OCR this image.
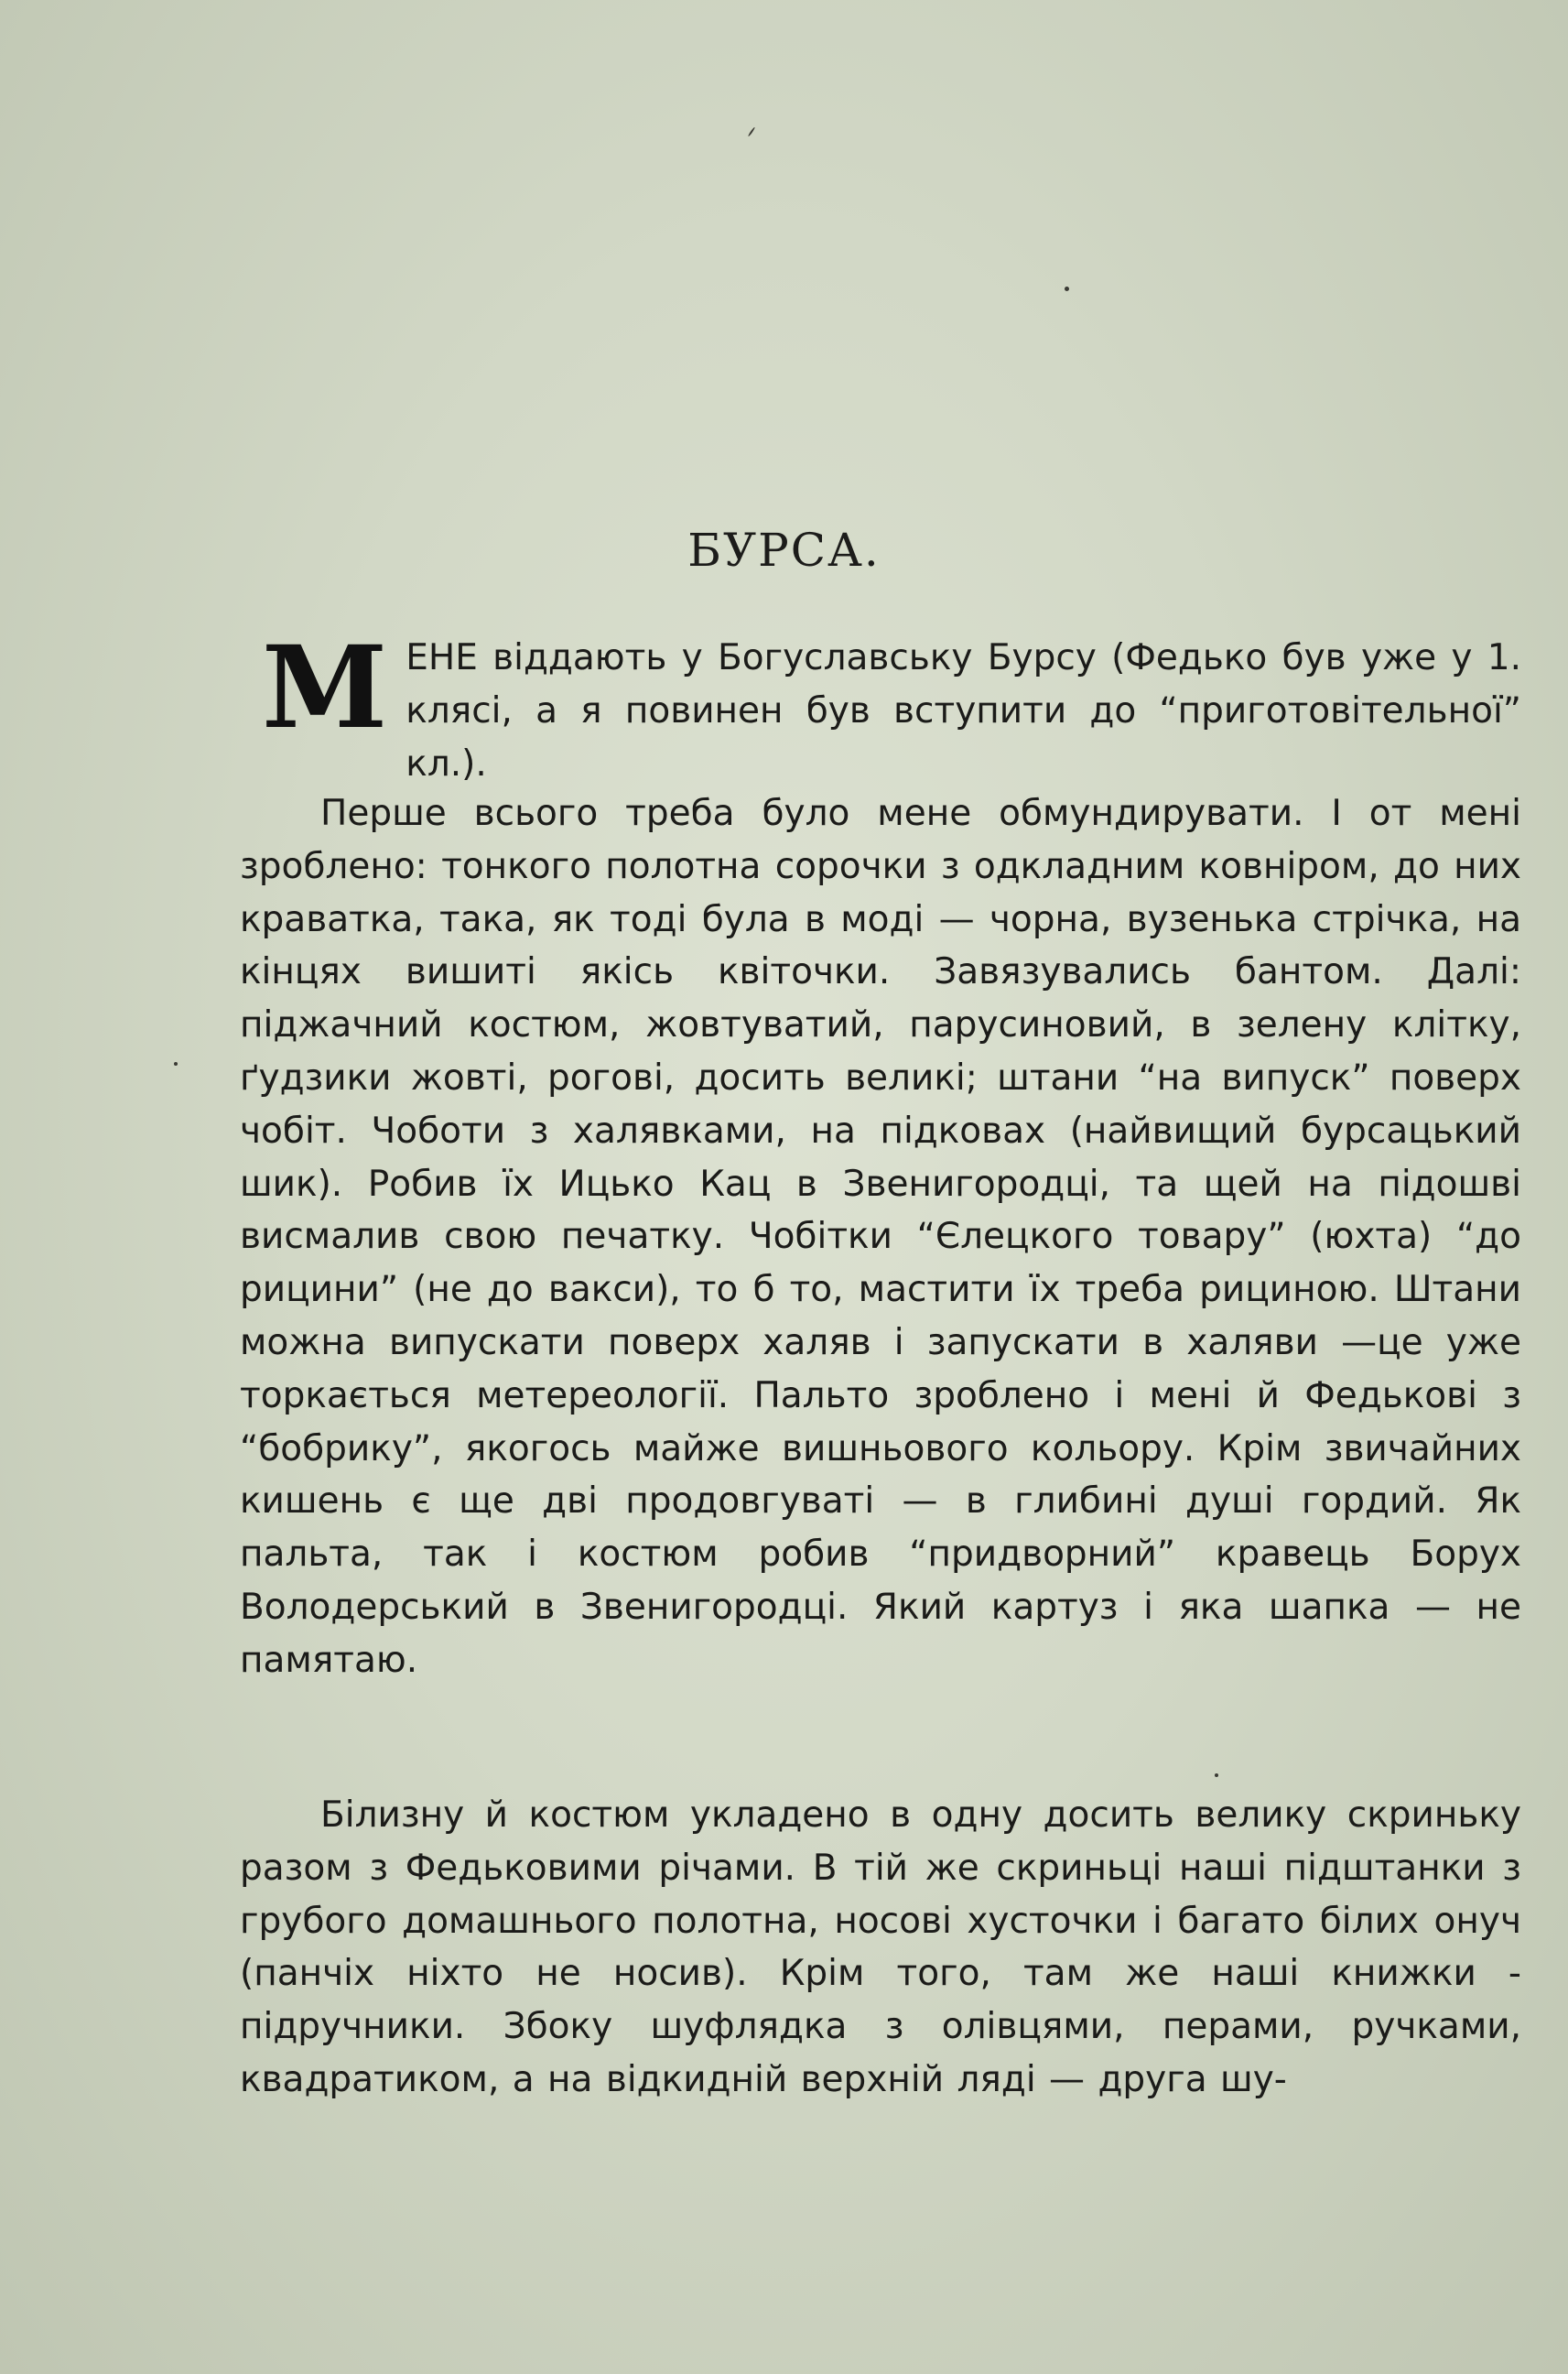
БУРСА.
М ЕНЕ віддають у Богуславську Бурсу (Федько був уже у 1. клясі, а я повинен був вступити до “приготовітельної” кл.).
Перше всього треба було мене обмундирувати. І от мені зроблено: тонкого полотна сорочки з одкладним ковніром, до них краватка, така, як тоді була в моді — чорна, вузенька стрічка, на кінцях вишиті якісь квіточки. Завязувались бантом. Далі: піджачний костюм, жовтуватий, парусиновий, в зелену клітку, ґудзики жовті, рогові, досить великі; штани “на випуск” поверх чобіт. Чоботи з халявками, на підковах (найвищий бурсацький шик). Робив їх Ицько Кац в Звенигородці, та щей на підошві висмалив свою печатку. Чобітки “Єлецкого товару” (юхта) “до рицини” (не до вакси), то б то, мастити їх треба рициною. Штани можна випускати поверх халяв і запускати в халяви —це уже торкається метереології. Пальто зроблено і мені й Федькові з “бобрику”, якогось майже вишньового кольору. Крім звичайних кишень є ще дві продовгуваті — в глибині душі гордий. Як пальта, так і костюм робив “придворний” кравець Борух Володерський в Звенигородці. Який картуз і яка шапка — не памятаю.
Білизну й костюм укладено в одну досить велику скриньку разом з Федьковими річами. В тій же скриньці наші підштанки з грубого домашнього полотна, носові хусточки і багато білих онуч (панчіх ніхто не носив). Крім того, там же наші книжки - підручники. Збоку шуфлядка з олівцями, перами, ручками, квадратиком, а на відкидній верхній ляді — друга шу-
